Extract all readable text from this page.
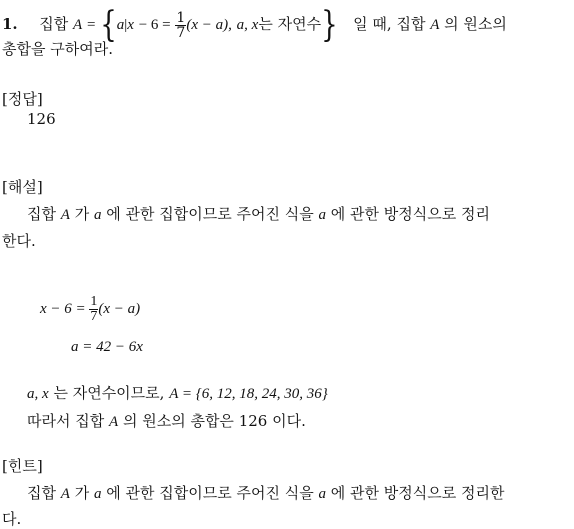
1. 집합 $A = \{a|x - 6 = \frac{1}{7} (x - a)$, a, x는 자연수} 일 때, 집합 A 의 원소의
총합을 구하여라.
[정답]
126
[해설]
집합 A 가 a 에 관한 집합이므로 주어진 식을 a 에 관한 방정식으로 정리
한다.
$x - 6 = \frac{1}{7} (x - a)$
a = 42 − 6x
a, x 는 자연수이므로, A = {6, 12, 18, 24, 30, 36}
따라서 집합 A 의 원소의 총합은 126 이다.
[힌트]
집합 A 가 a 에 관한 집합이므로 주어진 식을 a 에 관한 방정식으로 정리한
다.
